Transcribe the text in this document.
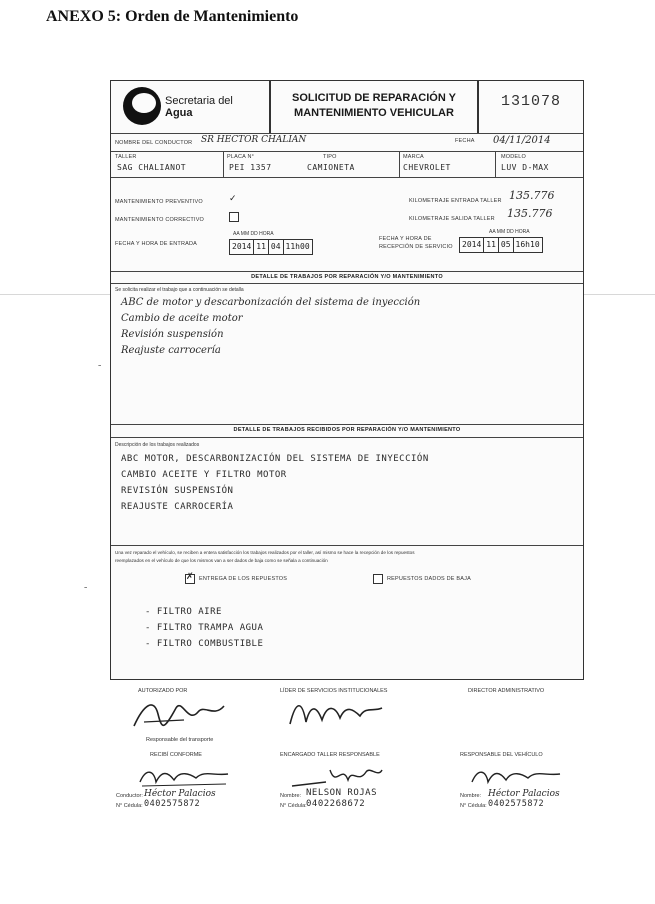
ANEXO 5: Orden de Mantenimiento
-
-
Secretaria del
Agua
SOLICITUD DE REPARACIÓN Y
MANTENIMIENTO VEHICULAR
131078
NOMBRE DEL CONDUCTOR SR HECTOR CHALIAN	FECHA 04/11/2014
TALLER
SAG CHALIANOT
PLACA N°
PEI 1357
TIPO
CAMIONETA
MARCA
CHEVROLET
MODELO
LUV D-MAX
MANTENIMIENTO PREVENTIVO	✓
MANTENIMIENTO CORRECTIVO
KILOMETRAJE ENTRADA TALLER 135.776
KILOMETRAJE SALIDA TALLER 135.776
FECHA Y HORA DE ENTRADA
AA MM DD HORA
2014 11 04 11h00
FECHA Y HORA DE
RECEPCIÓN DE SERVICIO
AA MM DD HORA
2014 11 05 16h10
DETALLE DE TRABAJOS POR REPARACIÓN Y/O MANTENIMIENTO
Se solicita realizar el trabajo que a continuación se detalla
ABC de motor y descarbonización del sistema de inyección
Cambio de aceite motor
Revisión suspensión
Reajuste carrocería
DETALLE DE TRABAJOS RECIBIDOS POR REPARACIÓN Y/O MANTENIMIENTO
Descripción de los trabajos realizados
ABC MOTOR, DESCARBONIZACIÓN DEL SISTEMA DE INYECCIÓN
CAMBIO ACEITE Y FILTRO MOTOR
REVISIÓN SUSPENSIÓN
REAJUSTE CARROCERÍA
Una vez reparado el vehículo, se reciben a entera satisfacción los trabajos realizados por el taller, así mismo se hace la recepción de los repuestos
reemplazados en el vehículo de que los mismos van a ser dados de baja como se señala a continuación
✗ ENTREGA DE LOS REPUESTOS	REPUESTOS DADOS DE BAJA
- FILTRO AIRE
- FILTRO TRAMPA AGUA
- FILTRO COMBUSTIBLE
AUTORIZADO POR	LÍDER DE SERVICIOS INSTITUCIONALES	DIRECTOR ADMINISTRATIVO
Responsable del transporte
RECIBÍ CONFORME	ENCARGADO TALLER RESPONSABLE	RESPONSABLE DEL VEHÍCULO
Conductor: Héctor Palacios
N° Cédula: 0402575872
Nombre: NELSON ROJAS
N° Cédula: 0402268672
Nombre: Héctor Palacios
N° Cédula: 0402575872
